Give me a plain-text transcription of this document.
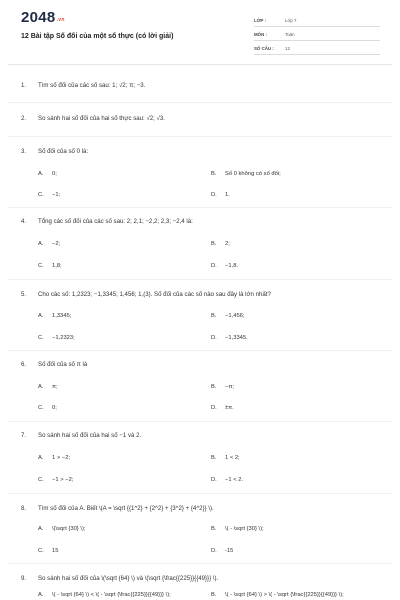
2048.vn
12 Bài tập Số đối của một số thực (có lời giải)
LỚP :	Lớp 7
MÔN :	Toán
SỐ CÂU :	12
1. Tìm số đối của các số sau: 1; √2; π; −3.
2. So sánh hai số đối của hai số thực sau: √2; √3.
3. Số đối của số 0 là:
A. 0;	B. Số 0 không có số đối;
C. −1;	D. 1.
4. Tổng các số đối của các số sau: 2; 2,1; −2,2; 2,3; −2,4 là:
A. −2;	B. 2;
C. 1,8;	D. −1,8.
5. Cho các số: 1,2323; −1,3345; 1,456; 1,(3). Số đối của các số nào sau đây là lớn nhất?
A. 1,3345;	B. −1,456;
C. −1,2323;	D. −1,3345.
6. Số đối của số π là
A. π;	B. −π;
C. 0;	D. ±π.
7. So sánh hai số đối của hai số −1 và 2.
A. 1 > −2;	B. 1 < 2;
C. −1 > −2;	D. −1 < 2.
8. Tìm số đối của A. Biết \(A = \sqrt {{1^2} + {2^2} + {3^2} + {4^2}} \).
A. \(\sqrt {30} \);	B. \( - \sqrt {30} \);
C. 15	D. -15
9. So sánh hai số đối của \(\sqrt {64} \) và \(\sqrt {\frac{{225}}{{49}}} \).
A. \( - \sqrt {64} \) < \( - \sqrt {\frac{{225}}{{49}}} \);	B. \( - \sqrt {64} \) > \( - \sqrt {\frac{{225}}{{49}}} \);
